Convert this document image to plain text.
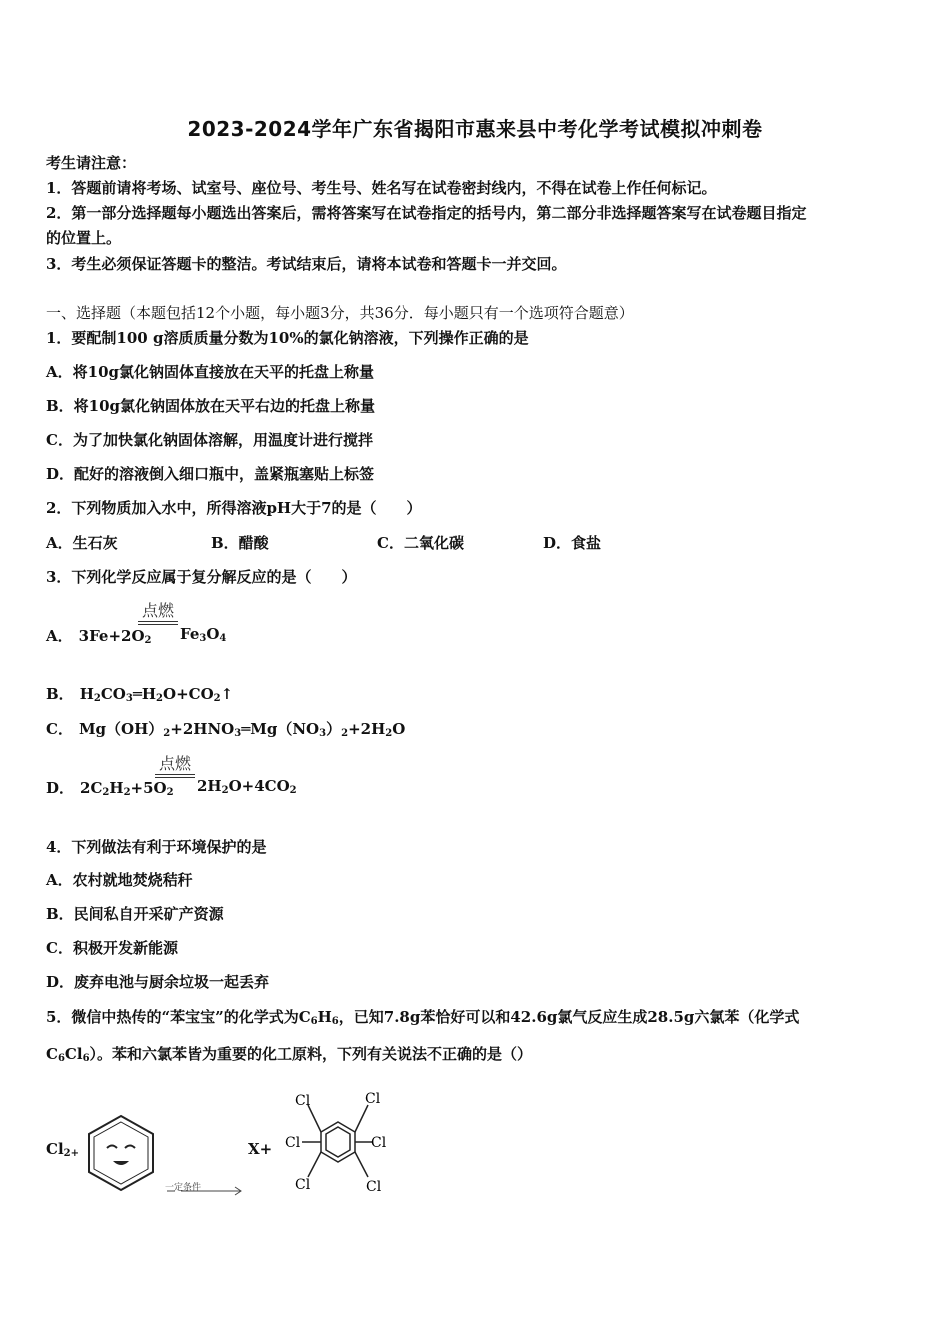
2023-2024学年广东省揭阳市惠来县中考化学考试模拟冲刺卷
考生请注意：
1．答题前请将考场、试室号、座位号、考生号、姓名写在试卷密封线内，不得在试卷上作任何标记。
2．第一部分选择题每小题选出答案后，需将答案写在试卷指定的括号内，第二部分非选择题答案写在试卷题目指定
的位置上。
3．考生必须保证答题卡的整洁。考试结束后，请将本试卷和答题卡一并交回。
一、选择题（本题包括12个小题，每小题3分，共36分．每小题只有一个选项符合题意）
1．要配制100 g溶质质量分数为10%的氯化钠溶液，下列操作正确的是
A．将10g氯化钠固体直接放在天平的托盘上称量
B．将10g氯化钠固体放在天平右边的托盘上称量
C．为了加快氯化钠固体溶解，用温度计进行搅拌
D．配好的溶液倒入细口瓶中，盖紧瓶塞贴上标签
2．下列物质加入水中，所得溶液pH大于7的是（　　）
A．生石灰	B．醋酸	C．二氧化碳	D．食盐
3．下列化学反应属于复分解反应的是（　　）
点燃
A． $3Fe+2O_2$ $Fe_3O_4$
B． $H_2CO_3═H_2O+CO_2↑$
C． $Mg(OH)_2+2HNO_3═Mg(NO_3)_2+2H_2O$
点燃
D． $2C_2H_2+5O_2$ $2H_2O+4CO_2$
4．下列做法有利于环境保护的是
A．农村就地焚烧秸秆
B．民间私自开采矿产资源
C．积极开发新能源
D．废弃电池与厨余垃圾一起丢弃
5．微信中热传的“苯宝宝”的化学式为$C_6H_6$，已知7.8g苯恰好可以和42.6g氯气反应生成28.5g六氯苯（化学式
$C_6Cl_6$）。苯和六氯苯皆为重要的化工原料，下列有关说法不正确的是（）
$Cl_{2+}$
一定条件
X+
Cl	Cl
Cl	Cl
Cl	Cl
